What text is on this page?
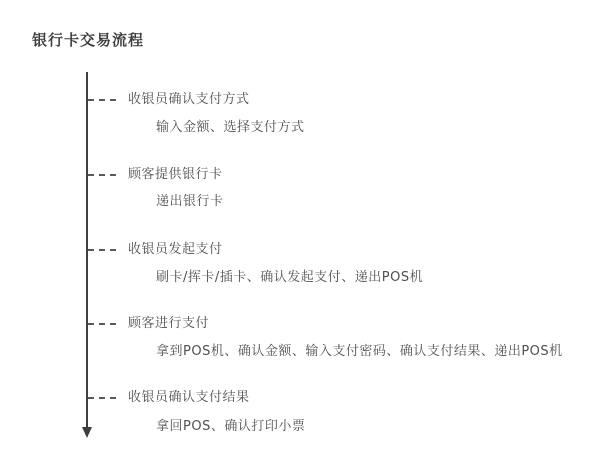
银行卡交易流程
收银员确认支付方式
输入金额、选择支付方式
顾客提供银行卡
递出银行卡
收银员发起支付
刷卡/挥卡/插卡、确认发起支付、递出POS机
顾客进行支付
拿到POS机、确认金额、输入支付密码、确认支付结果、递出POS机
收银员确认支付结果
拿回POS、确认打印小票
